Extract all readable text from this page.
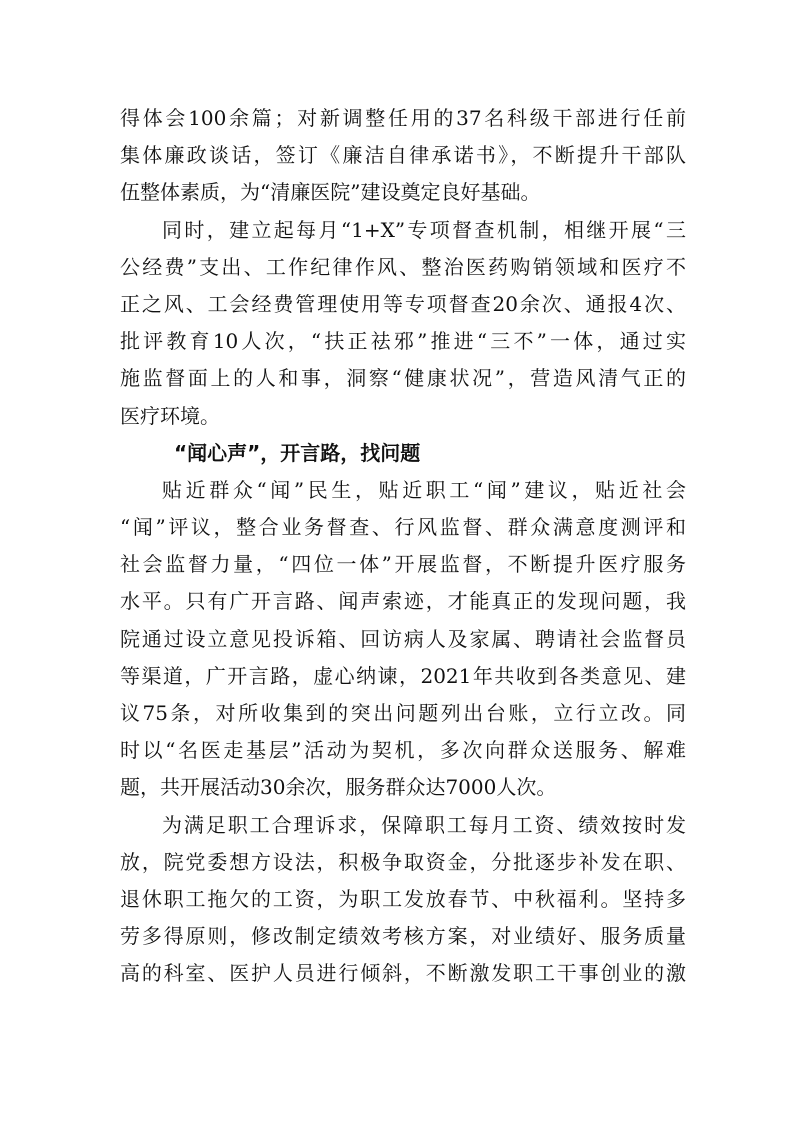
得体会100余篇；对新调整任用的37名科级干部进行任前
集体廉政谈话，签订《廉洁自律承诺书》，不断提升干部队
伍整体素质，为“清廉医院”建设奠定良好基础。
同时，建立起每月“1+X”专项督查机制，相继开展“三
公经费”支出、工作纪律作风、整治医药购销领域和医疗不
正之风、工会经费管理使用等专项督查20余次、通报4次、
批评教育10人次，“扶正祛邪”推进“三不”一体，通过实
施监督面上的人和事，洞察“健康状况”，营造风清气正的
医疗环境。
“闻心声”，开言路，找问题
贴近群众“闻”民生，贴近职工“闻”建议，贴近社会
“闻”评议，整合业务督查、行风监督、群众满意度测评和
社会监督力量，“四位一体”开展监督，不断提升医疗服务
水平。只有广开言路、闻声索迹，才能真正的发现问题，我
院通过设立意见投诉箱、回访病人及家属、聘请社会监督员
等渠道，广开言路，虚心纳谏，2021年共收到各类意见、建
议75条，对所收集到的突出问题列出台账，立行立改。同
时以“名医走基层”活动为契机，多次向群众送服务、解难
题，共开展活动30余次，服务群众达7000人次。
为满足职工合理诉求，保障职工每月工资、绩效按时发
放，院党委想方设法，积极争取资金，分批逐步补发在职、
退休职工拖欠的工资，为职工发放春节、中秋福利。坚持多
劳多得原则，修改制定绩效考核方案，对业绩好、服务质量
高的科室、医护人员进行倾斜，不断激发职工干事创业的激
